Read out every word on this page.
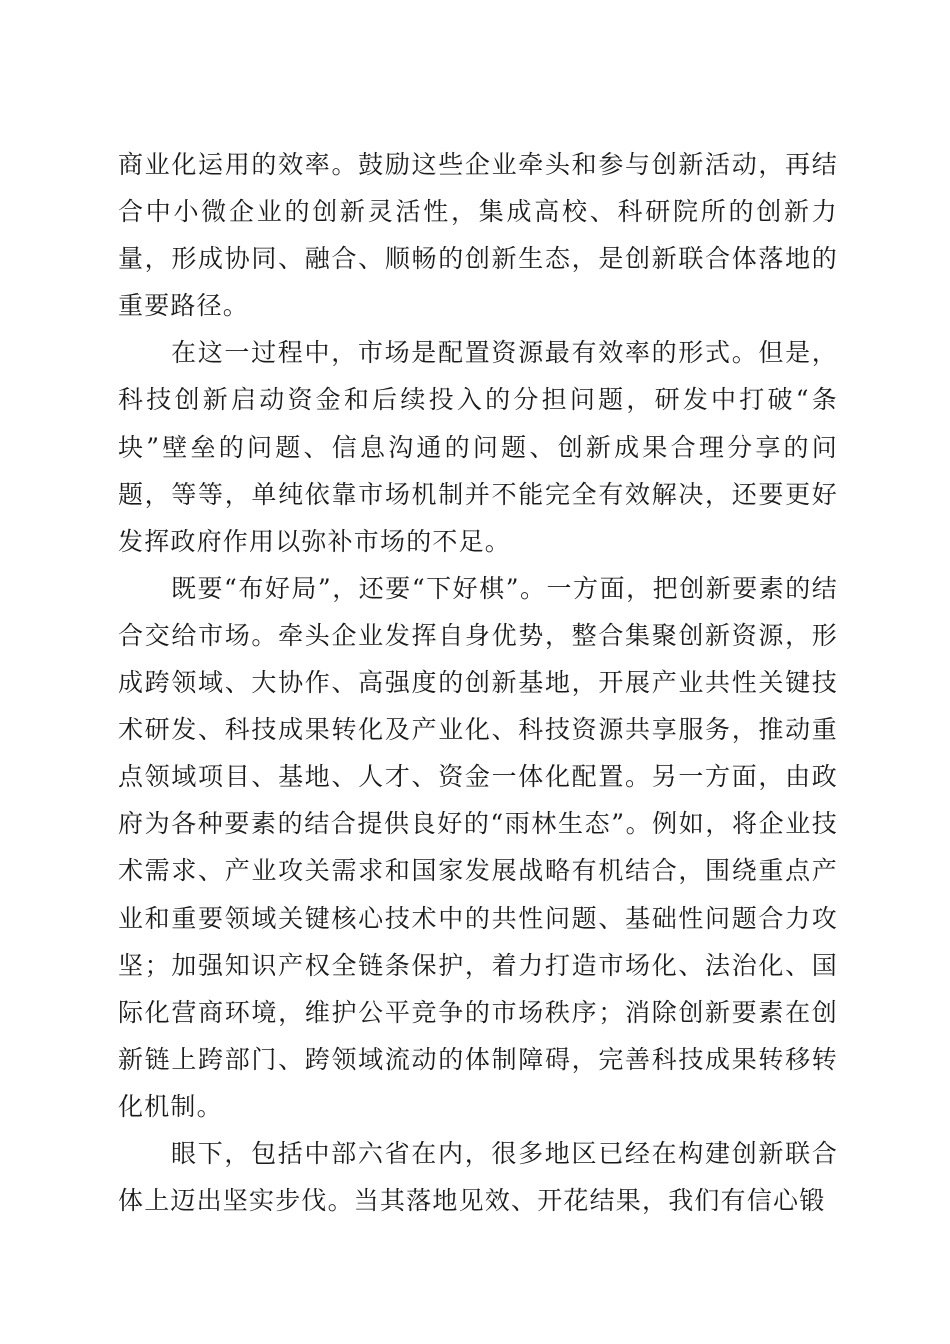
商业化运用的效率。鼓励这些企业牵头和参与创新活动，再结合中小微企业的创新灵活性，集成高校、科研院所的创新力量，形成协同、融合、顺畅的创新生态，是创新联合体落地的重要路径。

在这一过程中，市场是配置资源最有效率的形式。但是，科技创新启动资金和后续投入的分担问题，研发中打破“条块”壁垒的问题、信息沟通的问题、创新成果合理分享的问题，等等，单纯依靠市场机制并不能完全有效解决，还要更好发挥政府作用以弥补市场的不足。

既要“布好局”，还要“下好棋”。一方面，把创新要素的结合交给市场。牵头企业发挥自身优势，整合集聚创新资源，形成跨领域、大协作、高强度的创新基地，开展产业共性关键技术研发、科技成果转化及产业化、科技资源共享服务，推动重点领域项目、基地、人才、资金一体化配置。另一方面，由政府为各种要素的结合提供良好的“雨林生态”。例如，将企业技术需求、产业攻关需求和国家发展战略有机结合，围绕重点产业和重要领域关键核心技术中的共性问题、基础性问题合力攻坚；加强知识产权全链条保护，着力打造市场化、法治化、国际化营商环境，维护公平竞争的市场秩序；消除创新要素在创新链上跨部门、跨领域流动的体制障碍，完善科技成果转移转化机制。

眼下，包括中部六省在内，很多地区已经在构建创新联合体上迈出坚实步伐。当其落地见效、开花结果，我们有信心锻
